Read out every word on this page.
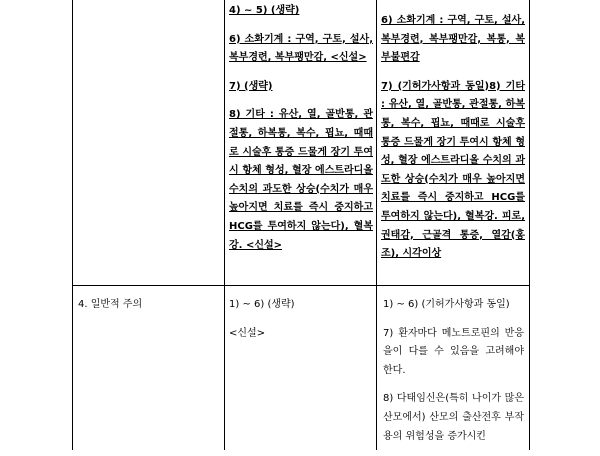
4) ~ 5) (생략)

6) 소화기계 : 구역, 구토, 설사, 복부경련, 복부팽만감, <신설>

7) (생략)

8) 기타 : 유산, 열, 골반통, 관절통, 하복통, 복수, 핍뇨, 때때로 시술후 통증 드물게 장기 투여시 항체 형성, 혈장 에스트라디올 수치의 과도한 상승(수치가 매우 높아지면 치료를 즉시 중지하고 HCG를 투여하지 않는다), 혈복강. <신설>

6) 소화기계 : 구역, 구토, 설사, 복부경련, 복부팽만감, 복통, 복부불편감

7) (기허가사항과 동일)8) 기타 : 유산, 열, 골반통, 관절통, 하복통, 복수, 핍뇨, 때때로 시술후 통증 드물게 장기 투여시 항체 형성, 혈장 에스트라디올 수치의 과도한 상승(수치가 매우 높아지면 치료를 즉시 중지하고 HCG를 투여하지 않는다), 혈복강. 피로, 권태감, 근골격 통증, 열감(홍조), 시각이상

4. 일반적 주의	1) ~ 6) (생략)

<신설>

1) ~ 6) (기허가사항과 동일)

7) 환자마다 메노트로핀의 반응을이 다를 수 있음을 고려해야 한다.

8) 다태임신은(특히 나이가 많은 산모에서) 산모의 출산전후 부작용의 위험성을 증가시킨
